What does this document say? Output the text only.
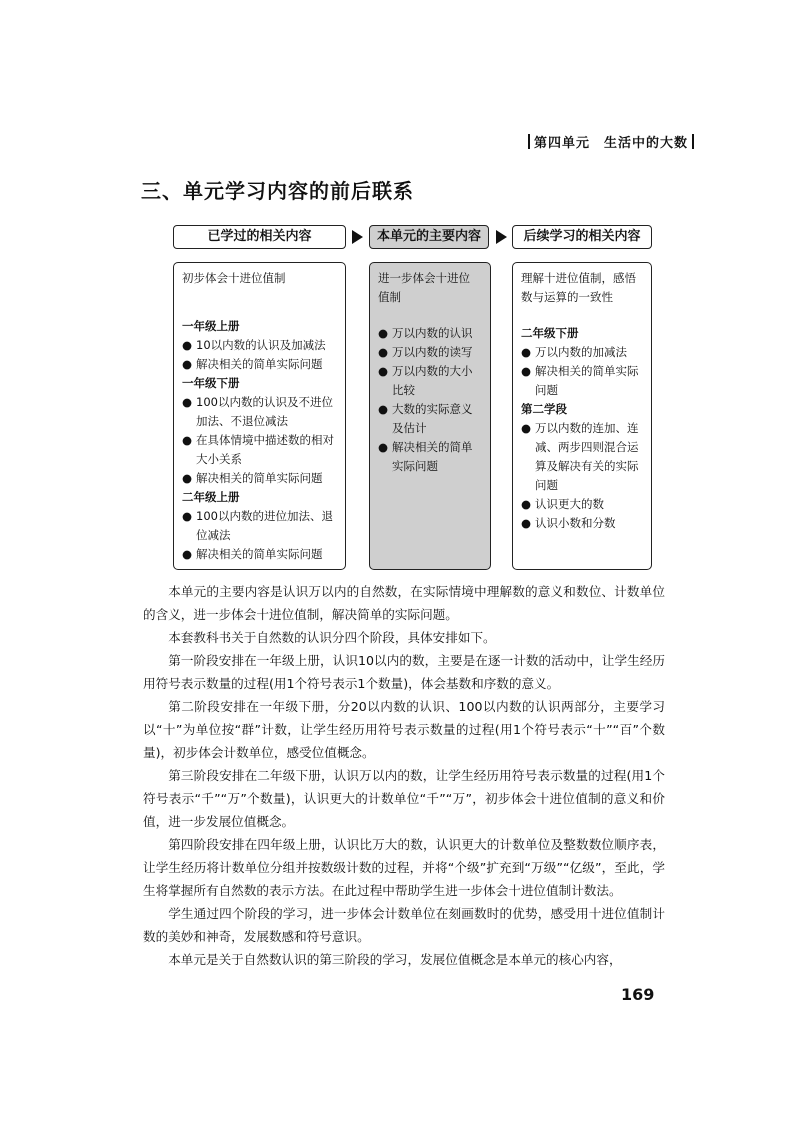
第四单元　生活中的大数
三、单元学习内容的前后联系
已学过的相关内容	本单元的主要内容	后续学习的相关内容
初步体会十进位值制
一年级上册
● 10以内数的认识及加减法
● 解决相关的简单实际问题
一年级下册
● 100以内数的认识及不进位
加法、不退位减法
● 在具体情境中描述数的相对
大小关系
● 解决相关的简单实际问题
二年级上册
● 100以内数的进位加法、退
位减法
● 解决相关的简单实际问题
进一步体会十进位
值制
● 万以内数的认识
● 万以内数的读写
● 万以内数的大小
比较
● 大数的实际意义
及估计
● 解决相关的简单
实际问题
理解十进位值制，感悟
数与运算的一致性
二年级下册
● 万以内数的加减法
● 解决相关的简单实际
问题
第二学段
● 万以内数的连加、连
减、两步四则混合运
算及解决有关的实际
问题
● 认识更大的数
● 认识小数和分数

本单元的主要内容是认识万以内的自然数，在实际情境中理解数的意义和数位、计数单位的含义，进一步体会十进位值制，解决简单的实际问题。

本套教科书关于自然数的认识分四个阶段，具体安排如下。

第一阶段安排在一年级上册，认识10以内的数，主要是在逐一计数的活动中，让学生经历用符号表示数量的过程(用1个符号表示1个数量)，体会基数和序数的意义。

第二阶段安排在一年级下册，分20以内数的认识、100以内数的认识两部分，主要学习以“十”为单位按“群”计数，让学生经历用符号表示数量的过程(用1个符号表示“十”“百”个数量)，初步体会计数单位，感受位值概念。

第三阶段安排在二年级下册，认识万以内的数，让学生经历用符号表示数量的过程(用1个符号表示“千”“万”个数量)，认识更大的计数单位“千”“万”，初步体会十进位值制的意义和价值，进一步发展位值概念。

第四阶段安排在四年级上册，认识比万大的数，认识更大的计数单位及整数数位顺序表，让学生经历将计数单位分组并按数级计数的过程，并将“个级”扩充到“万级”“亿级”，至此，学生将掌握所有自然数的表示方法。在此过程中帮助学生进一步体会十进位值制计数法。

学生通过四个阶段的学习，进一步体会计数单位在刻画数时的优势，感受用十进位值制计数的美妙和神奇，发展数感和符号意识。

本单元是关于自然数认识的第三阶段的学习，发展位值概念是本单元的核心内容，

169
